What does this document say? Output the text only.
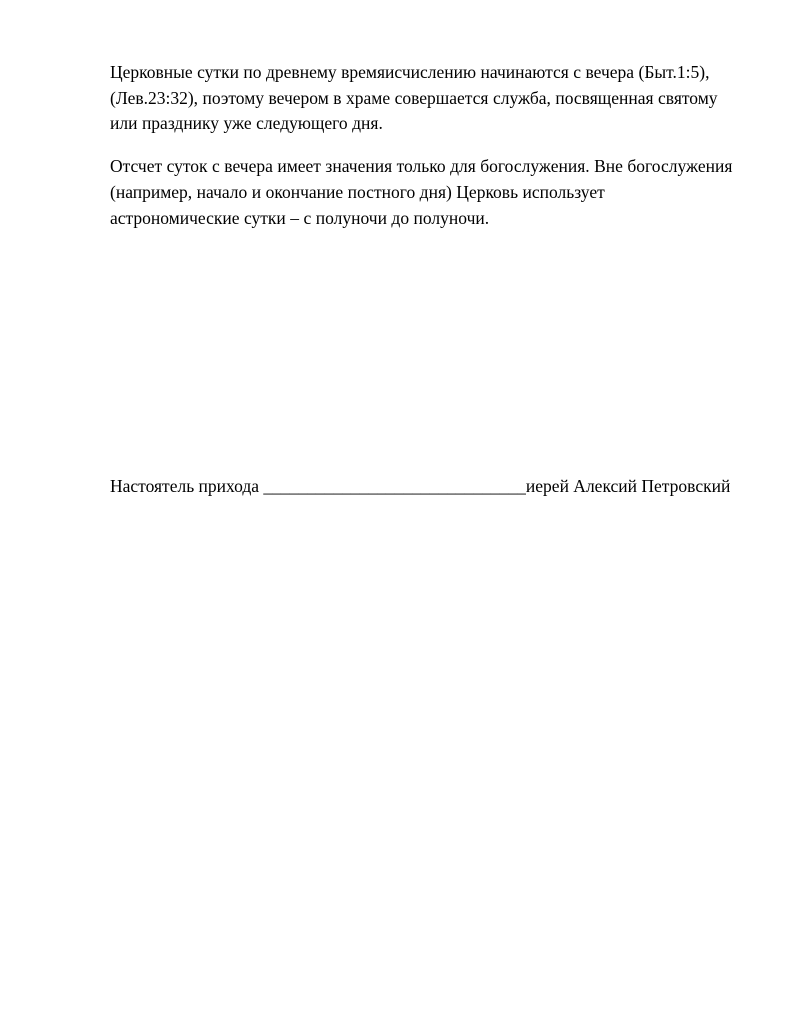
Церковные сутки по древнему времяисчислению начинаются с вечера (Быт.1:5), (Лев.23:32), поэтому вечером в храме совершается служба, посвященная святому или празднику уже следующего дня.

Отсчет суток с вечера имеет значения только для богослужения. Вне богослужения (например, начало и окончание постного дня) Церковь использует астрономические сутки – с полуночи до полуночи.

Настоятель прихода ______________________________иерей Алексий Петровский
